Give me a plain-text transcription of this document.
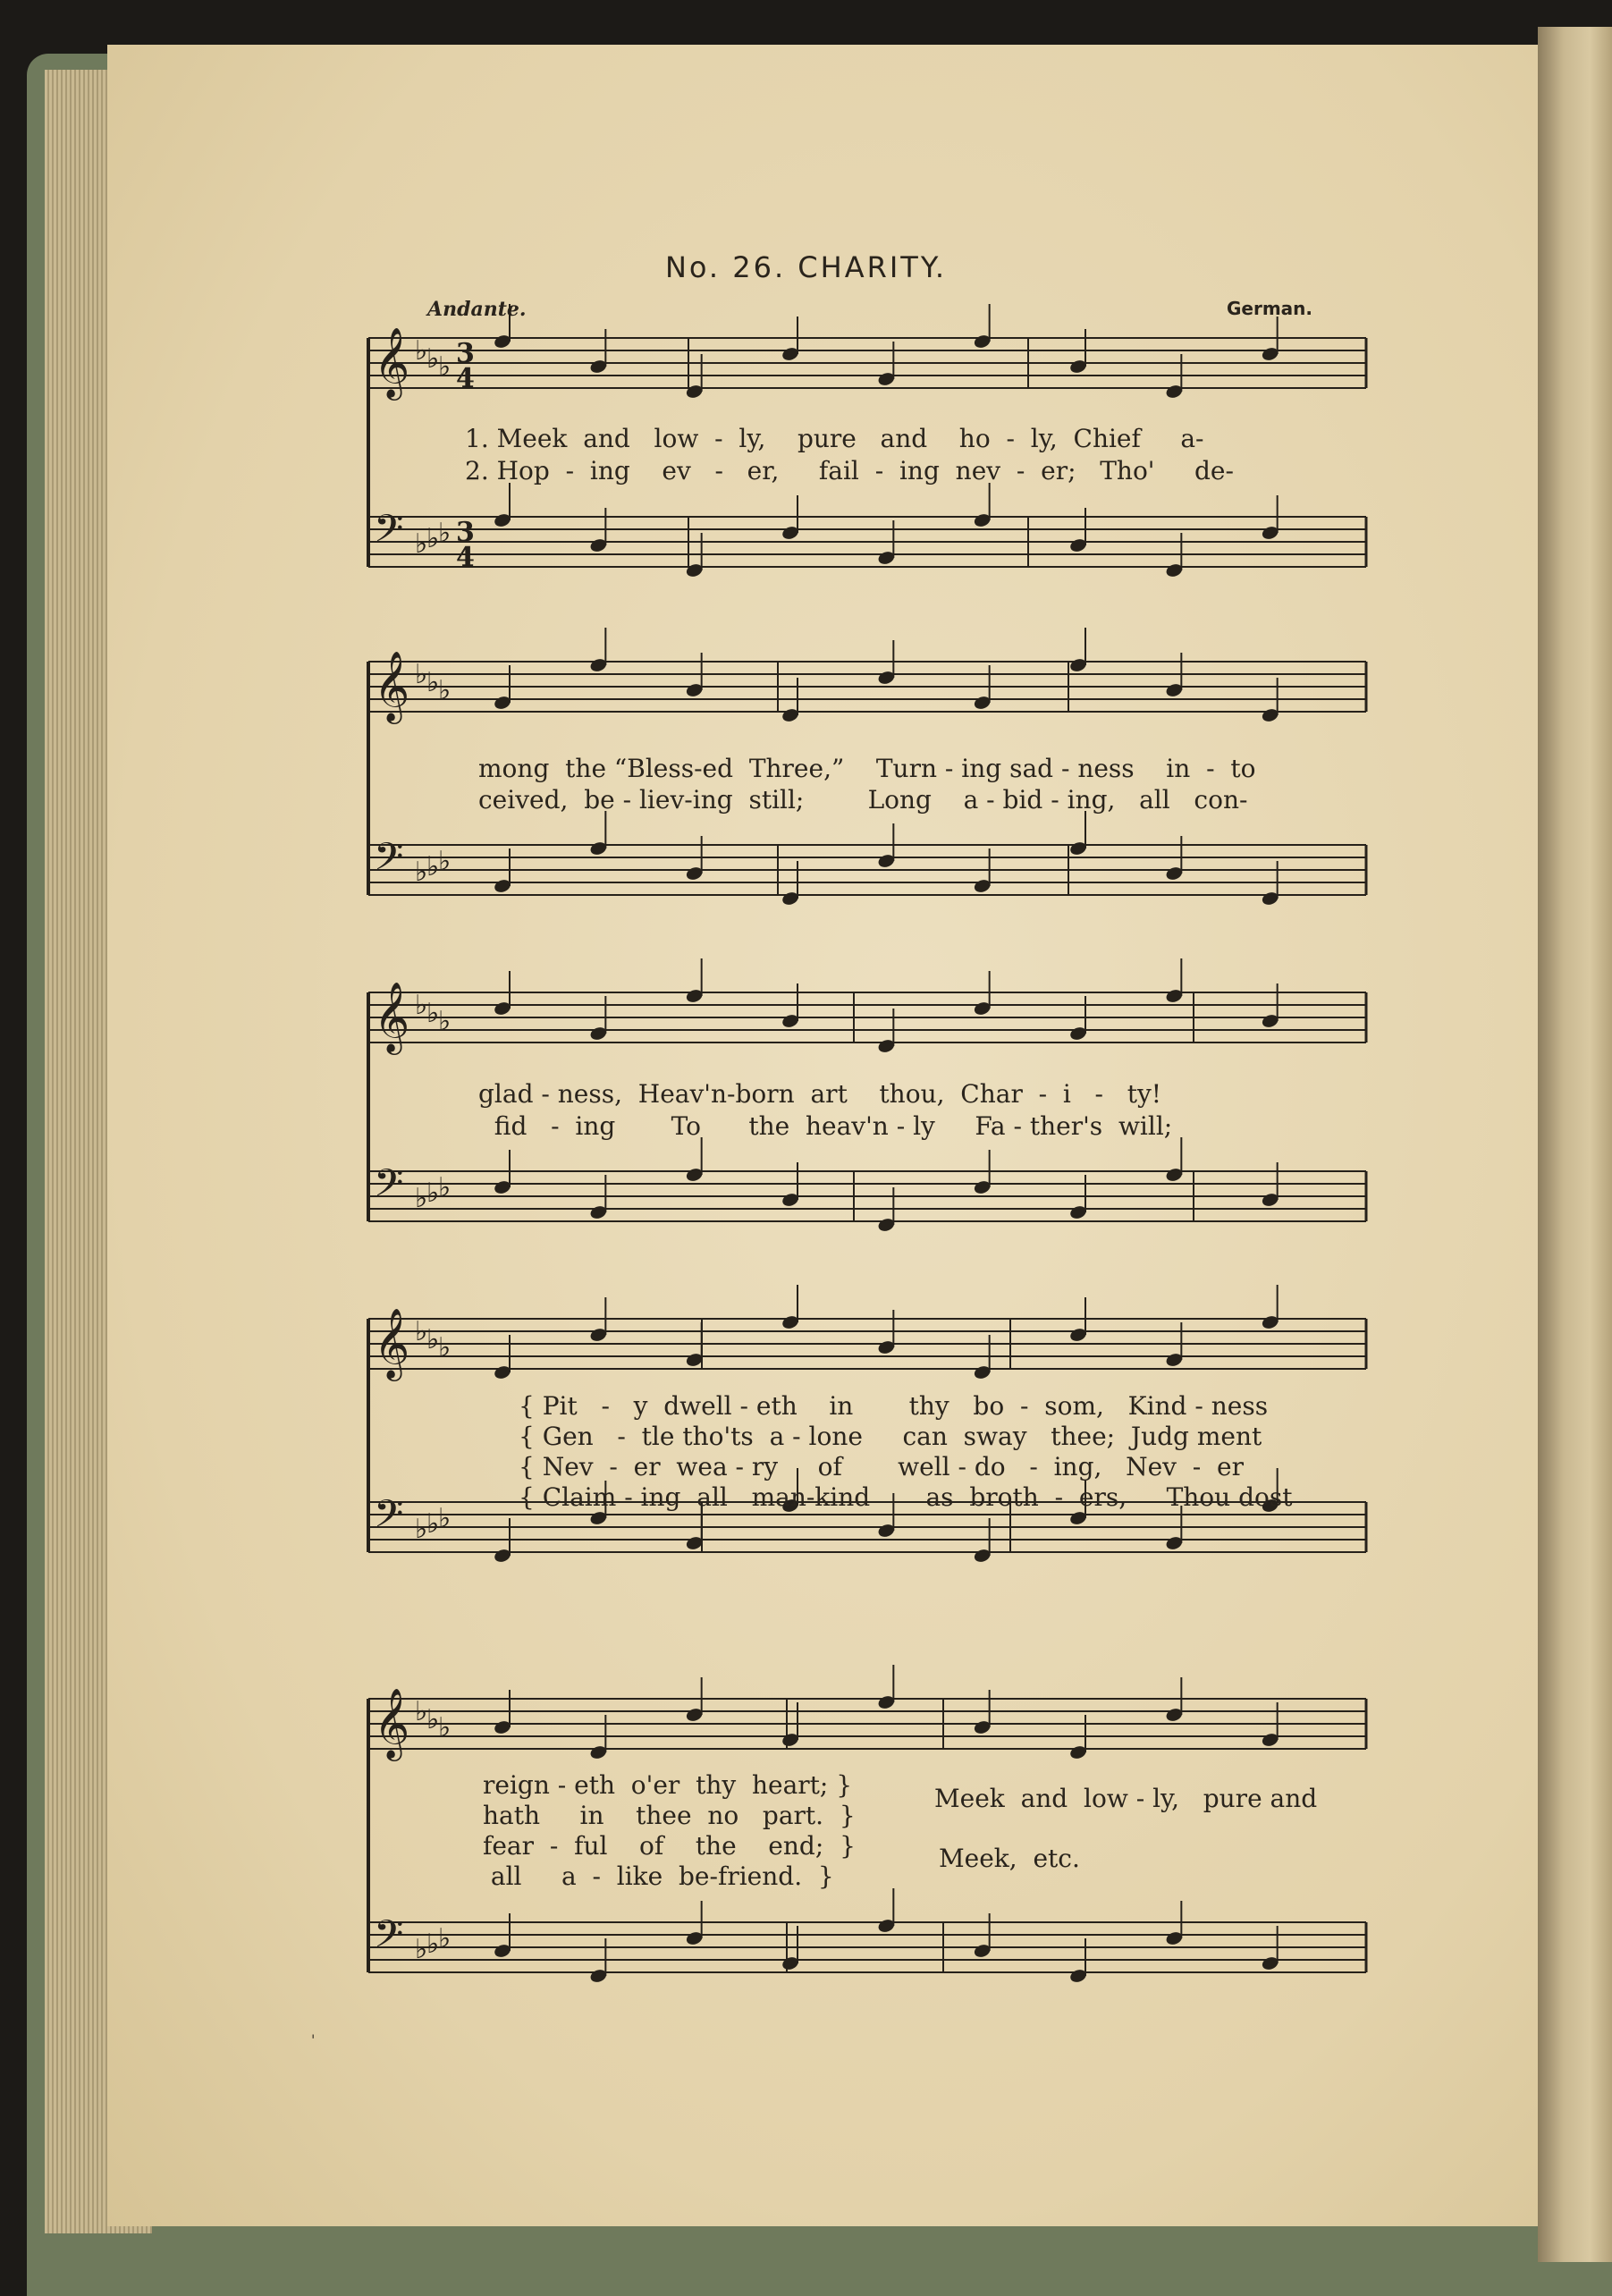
No. 26. CHARITY.
Andante.	German.
𝄞 ♭
♭
♭ 3
4
𝄢 ♭
♭
♭ 3
4
𝄞 ♭
♭
♭
𝄢 ♭
♭
♭
𝄞 ♭
♭
♭
𝄢 ♭
♭
♭
𝄞 ♭
♭
♭
𝄢 ♭
♭
♭
𝄞 ♭
♭
♭
𝄢 ♭
♭
♭
1. Meek  and   low  -  ly,    pure   and    ho  -  ly,  Chief     a-
2. Hop  -  ing    ev   -   er,     fail  -  ing  nev  -  er;   Tho'     de-
mong  the “Bless-ed  Three,”    Turn - ing sad - ness    in  -  to
ceived,  be - liev-ing  still;        Long    a - bid - ing,   all   con-
glad - ness,  Heav'n-born  art    thou,  Char  -  i   -   ty!
fid   -  ing       To      the  heav'n - ly     Fa - ther's  will;
{ Pit   -   y  dwell - eth    in       thy   bo  -  som,   Kind - ness
{ Gen   -  tle tho'ts  a - lone     can  sway   thee;  Judg ment
{ Nev  -  er  wea - ry     of       well - do   -  ing,   Nev  -  er
{ Claim - ing  all   man-kind       as  broth  -  ers,     Thou dost
reign - eth  o'er  thy  heart; }
hath     in    thee  no   part.  }
fear  -  ful    of    the    end;  }
all     a  -  like  be-friend.  }
Meek  and  low - ly,   pure and
Meek,  etc.
'
